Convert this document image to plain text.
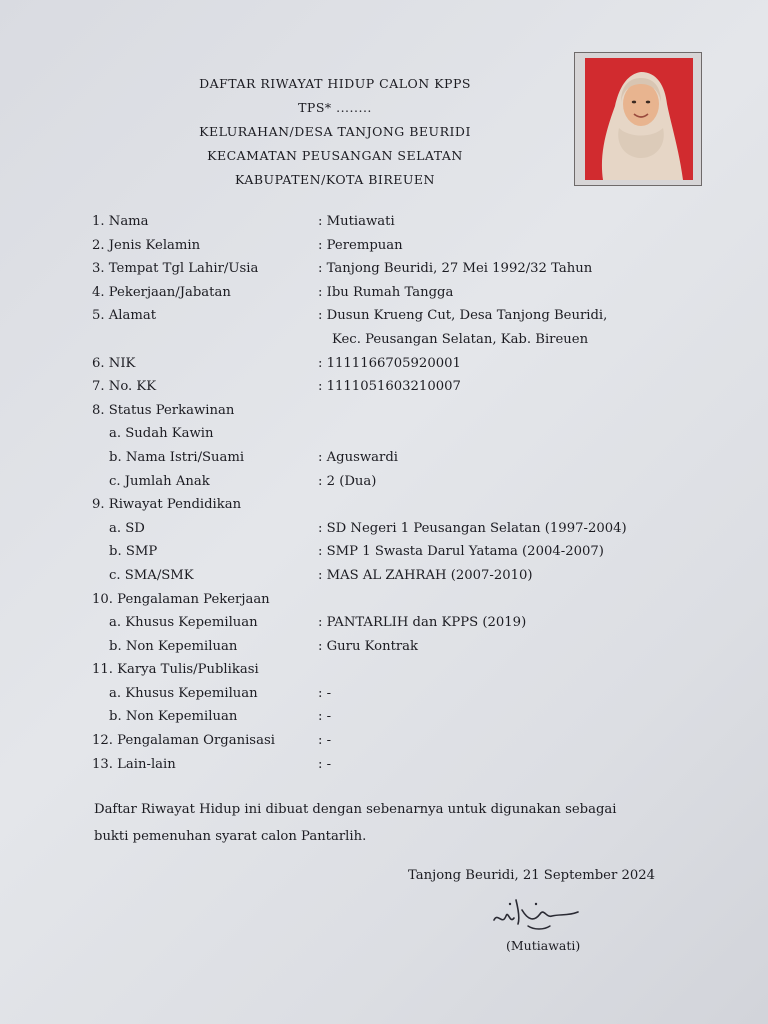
DAFTAR RIWAYAT HIDUP CALON KPPS
TPS* ........
KELURAHAN/DESA TANJONG BEURIDI
KECAMATAN PEUSANGAN SELATAN
KABUPATEN/KOTA BIREUEN
1. Nama	: Mutiawati
2. Jenis Kelamin	: Perempuan
3. Tempat Tgl Lahir/Usia	: Tanjong Beuridi, 27 Mei 1992/32 Tahun
4. Pekerjaan/Jabatan	: Ibu Rumah Tangga
5. Alamat	: Dusun Krueng Cut, Desa Tanjong Beuridi,
Kec. Peusangan Selatan, Kab. Bireuen
6. NIK	: 1111166705920001
7. No. KK	: 1111051603210007
8. Status Perkawinan
a. Sudah Kawin
b. Nama Istri/Suami	: Aguswardi
c. Jumlah Anak	: 2 (Dua)
9. Riwayat Pendidikan
a. SD	: SD Negeri 1 Peusangan Selatan (1997-2004)
b. SMP	: SMP 1 Swasta Darul Yatama (2004-2007)
c. SMA/SMK	: MAS AL ZAHRAH (2007-2010)
10. Pengalaman Pekerjaan
a. Khusus Kepemiluan	: PANTARLIH dan KPPS (2019)
b. Non Kepemiluan	: Guru Kontrak
11. Karya Tulis/Publikasi
a. Khusus Kepemiluan	: -
b. Non Kepemiluan	: -
12. Pengalaman Organisasi	: -
13. Lain-lain	: -
Daftar Riwayat Hidup ini dibuat dengan sebenarnya untuk digunakan sebagai
bukti pemenuhan syarat calon Pantarlih.
Tanjong Beuridi, 21 September 2024
(Mutiawati)
